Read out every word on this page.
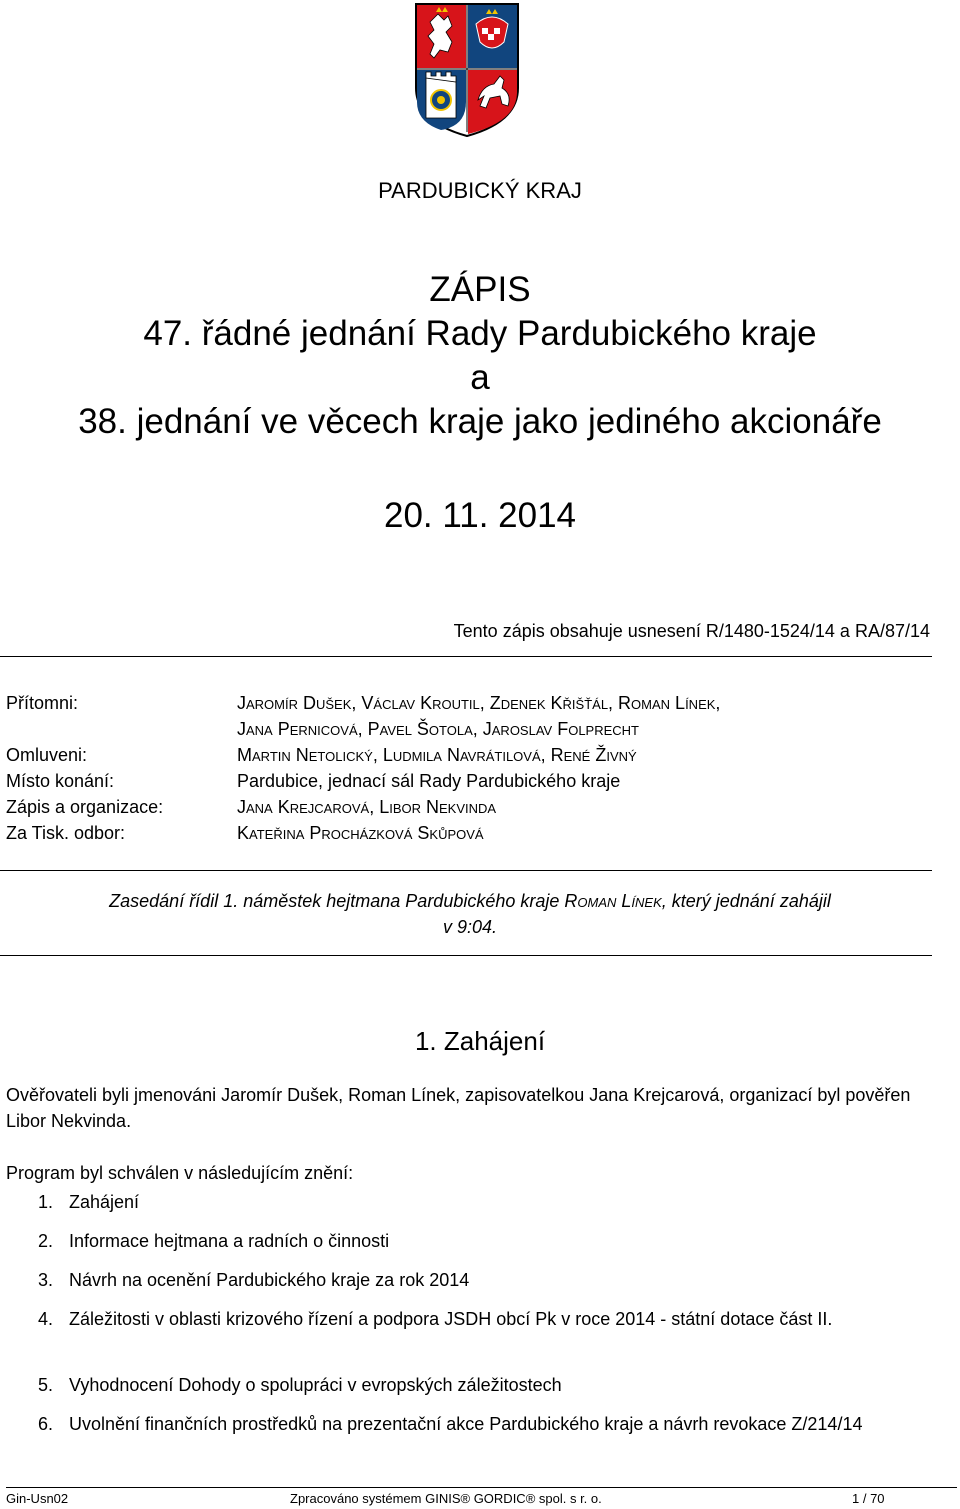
PARDUBICKÝ KRAJ
ZÁPIS
47. řádné jednání Rady Pardubického kraje
a
38. jednání ve věcech kraje jako jediného akcionáře
20. 11. 2014
Tento zápis obsahuje usnesení R/1480-1524/14 a RA/87/14
Přítomni:	Jaromír Dušek, Václav Kroutil, Zdenek Křišťál, Roman Línek,
Jana Pernicová, Pavel Šotola, Jaroslav Folprecht
Omluveni:	Martin Netolický, Ludmila Navrátilová, René Živný
Místo konání:	Pardubice, jednací sál Rady Pardubického kraje
Zápis a organizace:	Jana Krejcarová, Libor Nekvinda
Za Tisk. odbor:	Kateřina Procházková Skůpová
Zasedání řídil 1. náměstek hejtmana Pardubického kraje Roman Línek, který jednání zahájil
v 9:04.
1. Zahájení
Ověřovateli byli jmenováni Jaromír Dušek, Roman Línek, zapisovatelkou Jana Krejcarová, organizací byl pověřen Libor Nekvinda.
Program byl schválen v následujícím znění:
1. Zahájení
2. Informace hejtmana a radních o činnosti
3. Návrh na ocenění Pardubického kraje za rok 2014
4. Záležitosti v oblasti krizového řízení a podpora JSDH obcí Pk v roce 2014 - státní dotace část II.
5. Vyhodnocení Dohody o spolupráci v evropských záležitostech
6. Uvolnění finančních prostředků na prezentační akce Pardubického kraje a návrh revokace Z/214/14
Gin-Usn02	Zpracováno systémem GINIS® GORDIC® spol. s r. o.	1 / 70
